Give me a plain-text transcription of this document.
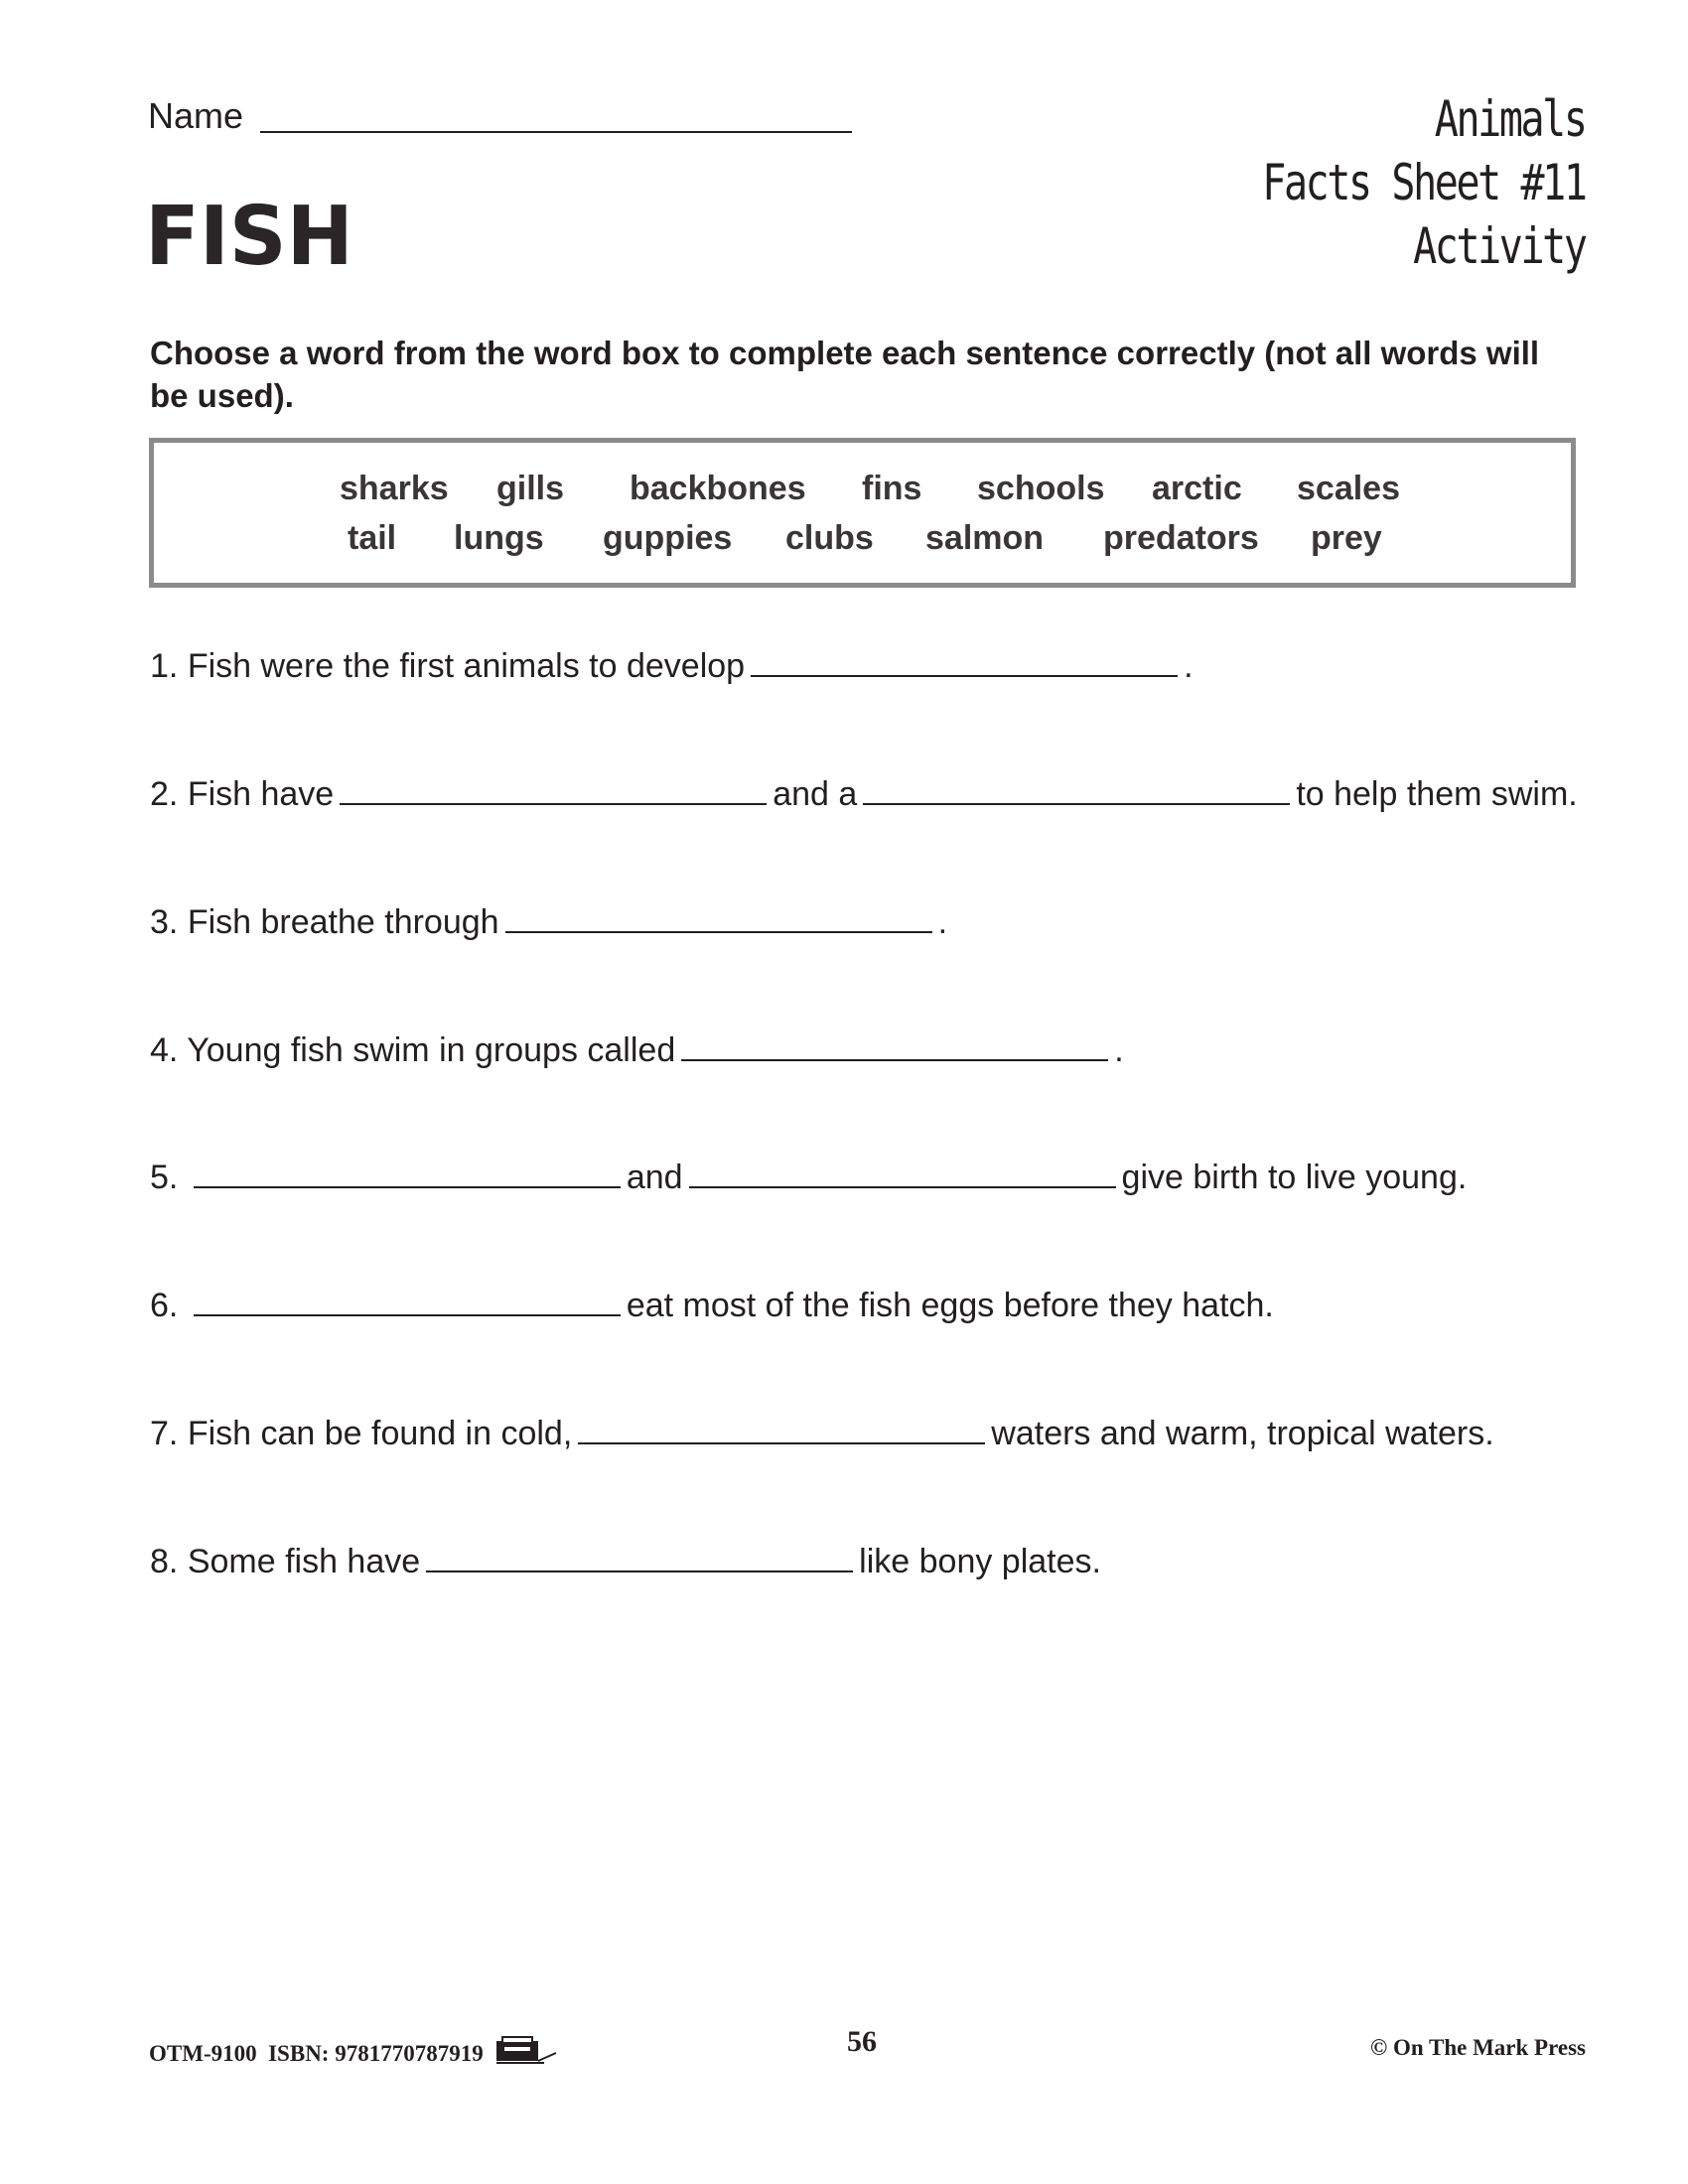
Name	Animals
Facts Sheet #11
Activity
FISH
Choose a word from the word box to complete each sentence correctly (not all words will be used).
sharks gills backbones fins schools arctic scales
tail lungs guppies clubs salmon predators prey
1. Fish were the first animals to develop	.
2. Fish have	and a	to help them swim.
3. Fish breathe through	.
4. Young fish swim in groups called	.
5.	and	give birth to live young.
6.	eat most of the fish eggs before they hatch.
7. Fish can be found in cold,	waters and warm, tropical waters.
8. Some fish have	like bony plates.
OTM-9100 ISBN: 9781770787919	56	© On The Mark Press
